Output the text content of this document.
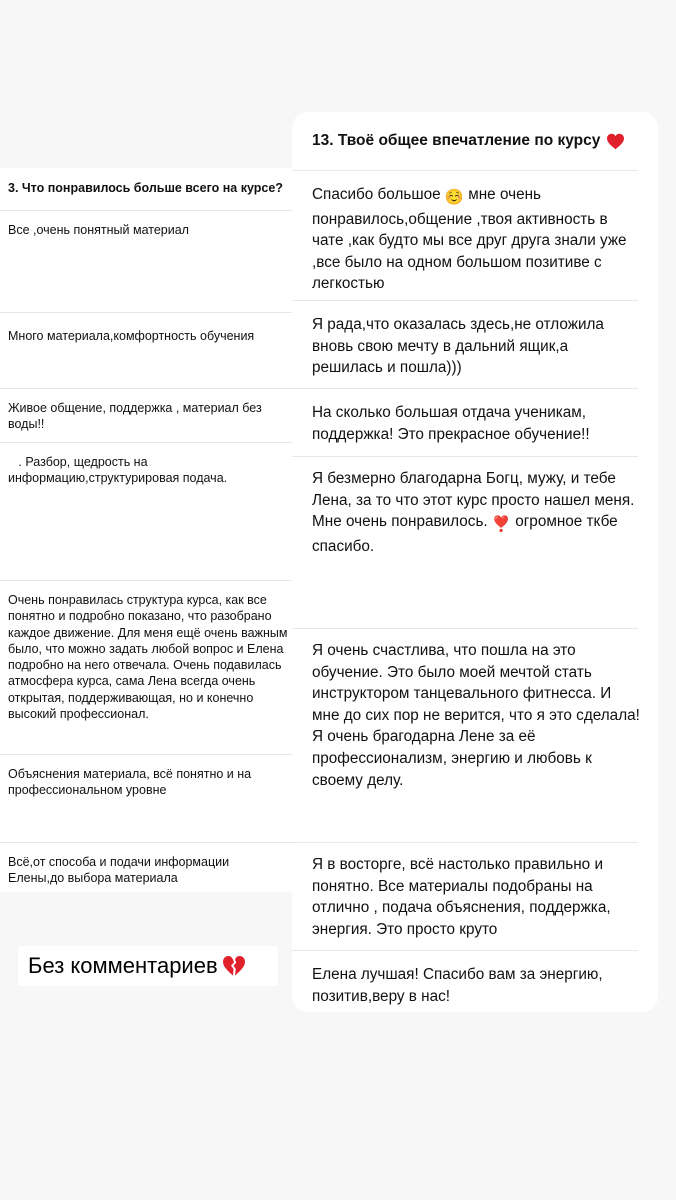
3. Что понравилось больше всего на курсе?
Все ,очень понятный материал
Много материала,комфортность обучения
Живое общение, поддержка , материал без воды!!
. Разбор, щедрость на информацию,структурировая подача.
Очень понравилась структура курса, как все понятно и подробно показано, что разобрано каждое движение. Для меня ещё очень важным было, что можно задать любой вопрос и Елена подробно на него отвечала. Очень подавилась атмосфера курса, сама Лена всегда очень открытая, поддерживающая, но и конечно высокий профессионал.
Объяснения материала, всё понятно и на профессиональном уровне
Всё,от способа и подачи информации Елены,до выбора материала
13. Твоё общее впечатление по курсу
Спасибо большое ☺️ мне очень понравилось,общение ,твоя активность в чате ,как будто мы все друг друга знали уже ,все было на одном большом позитиве с легкостью
Я рада,что оказалась здесь,не отложила вновь свою мечту в дальний ящик,а решилась и пошла)))
На сколько большая отдача ученикам, поддержка! Это прекрасное обучение!!
Я безмерно благодарна Богц, мужу, и тебе Лена, за то что этот курс просто нашел меня. Мне очень понравилось. ❣️ огромное ткбе спасибо.
Я очень счастлива, что пошла на это обучение. Это было моей мечтой стать инструктором танцевального фитнесса. И мне до сих пор не верится, что я это сделала! Я очень брагодарна Лене за её профессионализм, энергию и любовь к своему делу.
Я в восторге, всё настолько правильно и понятно. Все материалы подобраны на отлично , подача объяснения, поддержка, энергия. Это просто круто
Елена лучшая! Спасибо вам за энергию, позитив,веру в нас!
Без комментариев
